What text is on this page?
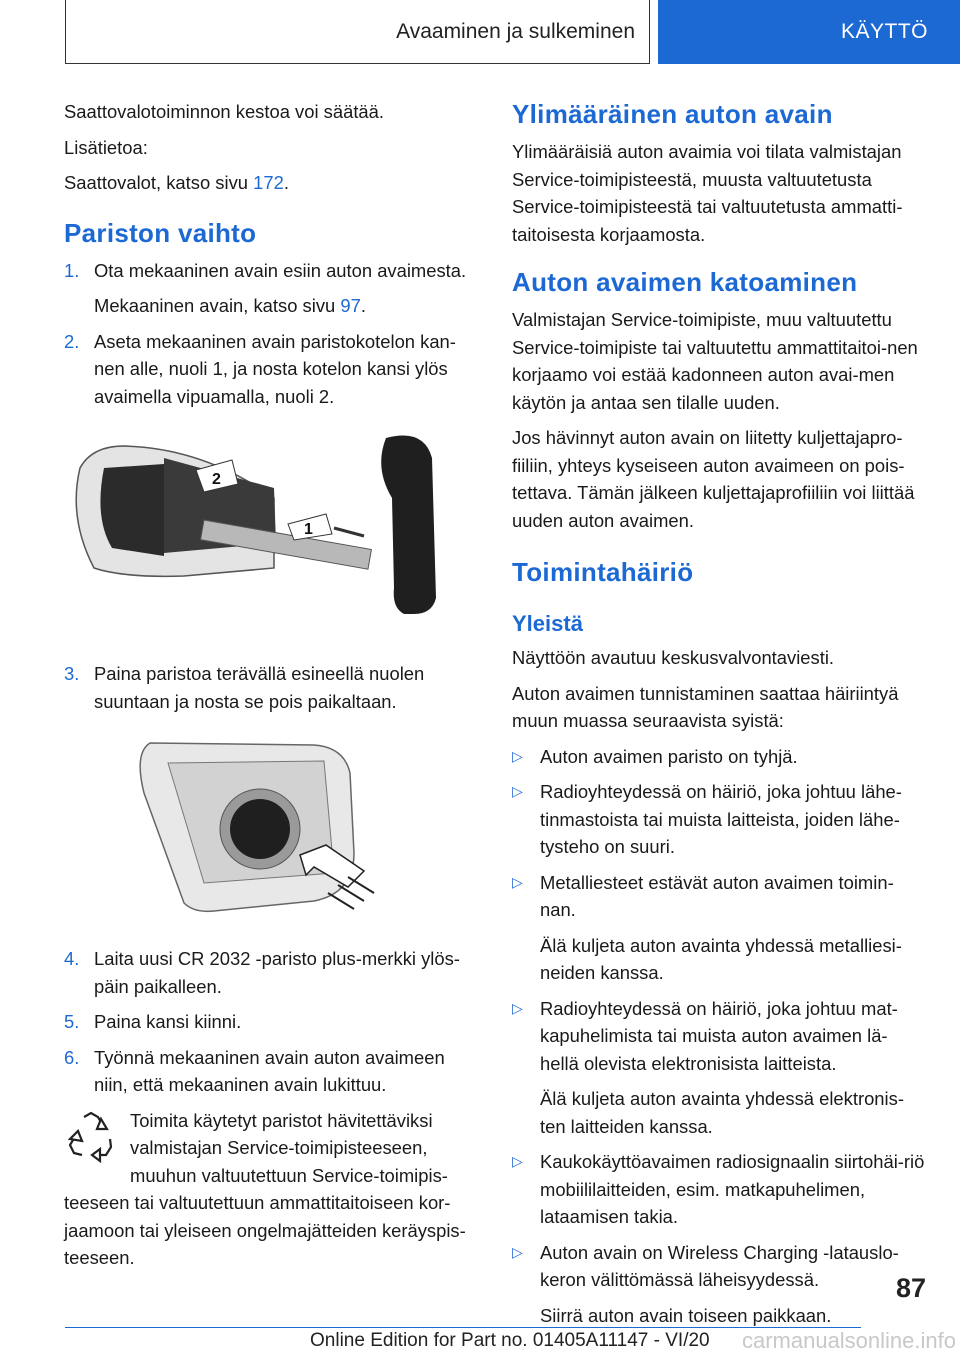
Avaaminen ja sulkeminen	KÄYTTÖ

Saattovalotoiminnon kestoa voi säätää.

Lisätietoa:

Saattovalot, katso sivu 172.

Pariston vaihto
1. Ota mekaaninen avain esiin auton avaimesta.
Mekaaninen avain, katso sivu 97.
2. Aseta mekaaninen avain paristokotelon kan-nen alle, nuoli 1, ja nosta kotelon kansi ylös avaimella vipuamalla, nuoli 2.
2
1
3. Paina paristoa terävällä esineellä nuolen suuntaan ja nosta se pois paikaltaan.
4. Laita uusi CR 2032 -paristo plus-merkki ylös-päin paikalleen.
5. Paina kansi kiinni.
6. Työnnä mekaaninen avain auton avaimeen niin, että mekaaninen avain lukittuu.
Toimita käytetyt paristot hävitettäviksi valmistajan Service-toimipisteeseen, muuhun valtuutettuun Service-toimipis-teeseen tai valtuutettuun ammattitaitoiseen kor-jaamoon tai yleiseen ongelmajätteiden keräyspis-teeseen.
Ylimääräinen auton avain

Ylimääräisiä auton avaimia voi tilata valmistajan Service-toimipisteestä, muusta valtuutetusta Service-toimipisteestä tai valtuutetusta ammatti-taitoisesta korjaamosta.

Auton avaimen katoaminen

Valmistajan Service-toimipiste, muu valtuutettu Service-toimipiste tai valtuutettu ammattitaitoi-nen korjaamo voi estää kadonneen auton avai-men käytön ja antaa sen tilalle uuden.

Jos hävinnyt auton avain on liitetty kuljettajapro-fiiliin, yhteys kyseiseen auton avaimeen on pois-tettava. Tämän jälkeen kuljettajaprofiiliin voi liittää uuden auton avaimen.

Toimintahäiriö
Yleistä

Näyttöön avautuu keskusvalvontaviesti.

Auton avaimen tunnistaminen saattaa häiriintyä muun muassa seuraavista syistä:

▷ Auton avaimen paristo on tyhjä.
▷ Radioyhteydessä on häiriö, joka johtuu lähe-tinmastoista tai muista laitteista, joiden lähe-tysteho on suuri.
▷ Metalliesteet estävät auton avaimen toimin-nan.
Älä kuljeta auton avainta yhdessä metalliesi-neiden kanssa.
▷ Radioyhteydessä on häiriö, joka johtuu mat-kapuhelimista tai muista auton avaimen lä-hellä olevista elektronisista laitteista.
Älä kuljeta auton avainta yhdessä elektronis-ten laitteiden kanssa.
▷ Kaukokäyttöavaimen radiosignaalin siirtohäi-riö mobiililaitteiden, esim. matkapuhelimen, lataamisen takia.
▷ Auton avain on Wireless Charging -latauslo-keron välittömässä läheisyydessä.
Siirrä auton avain toiseen paikkaan.
87
Online Edition for Part no. 01405A11147 - VI/20 carmanualsonline.info
